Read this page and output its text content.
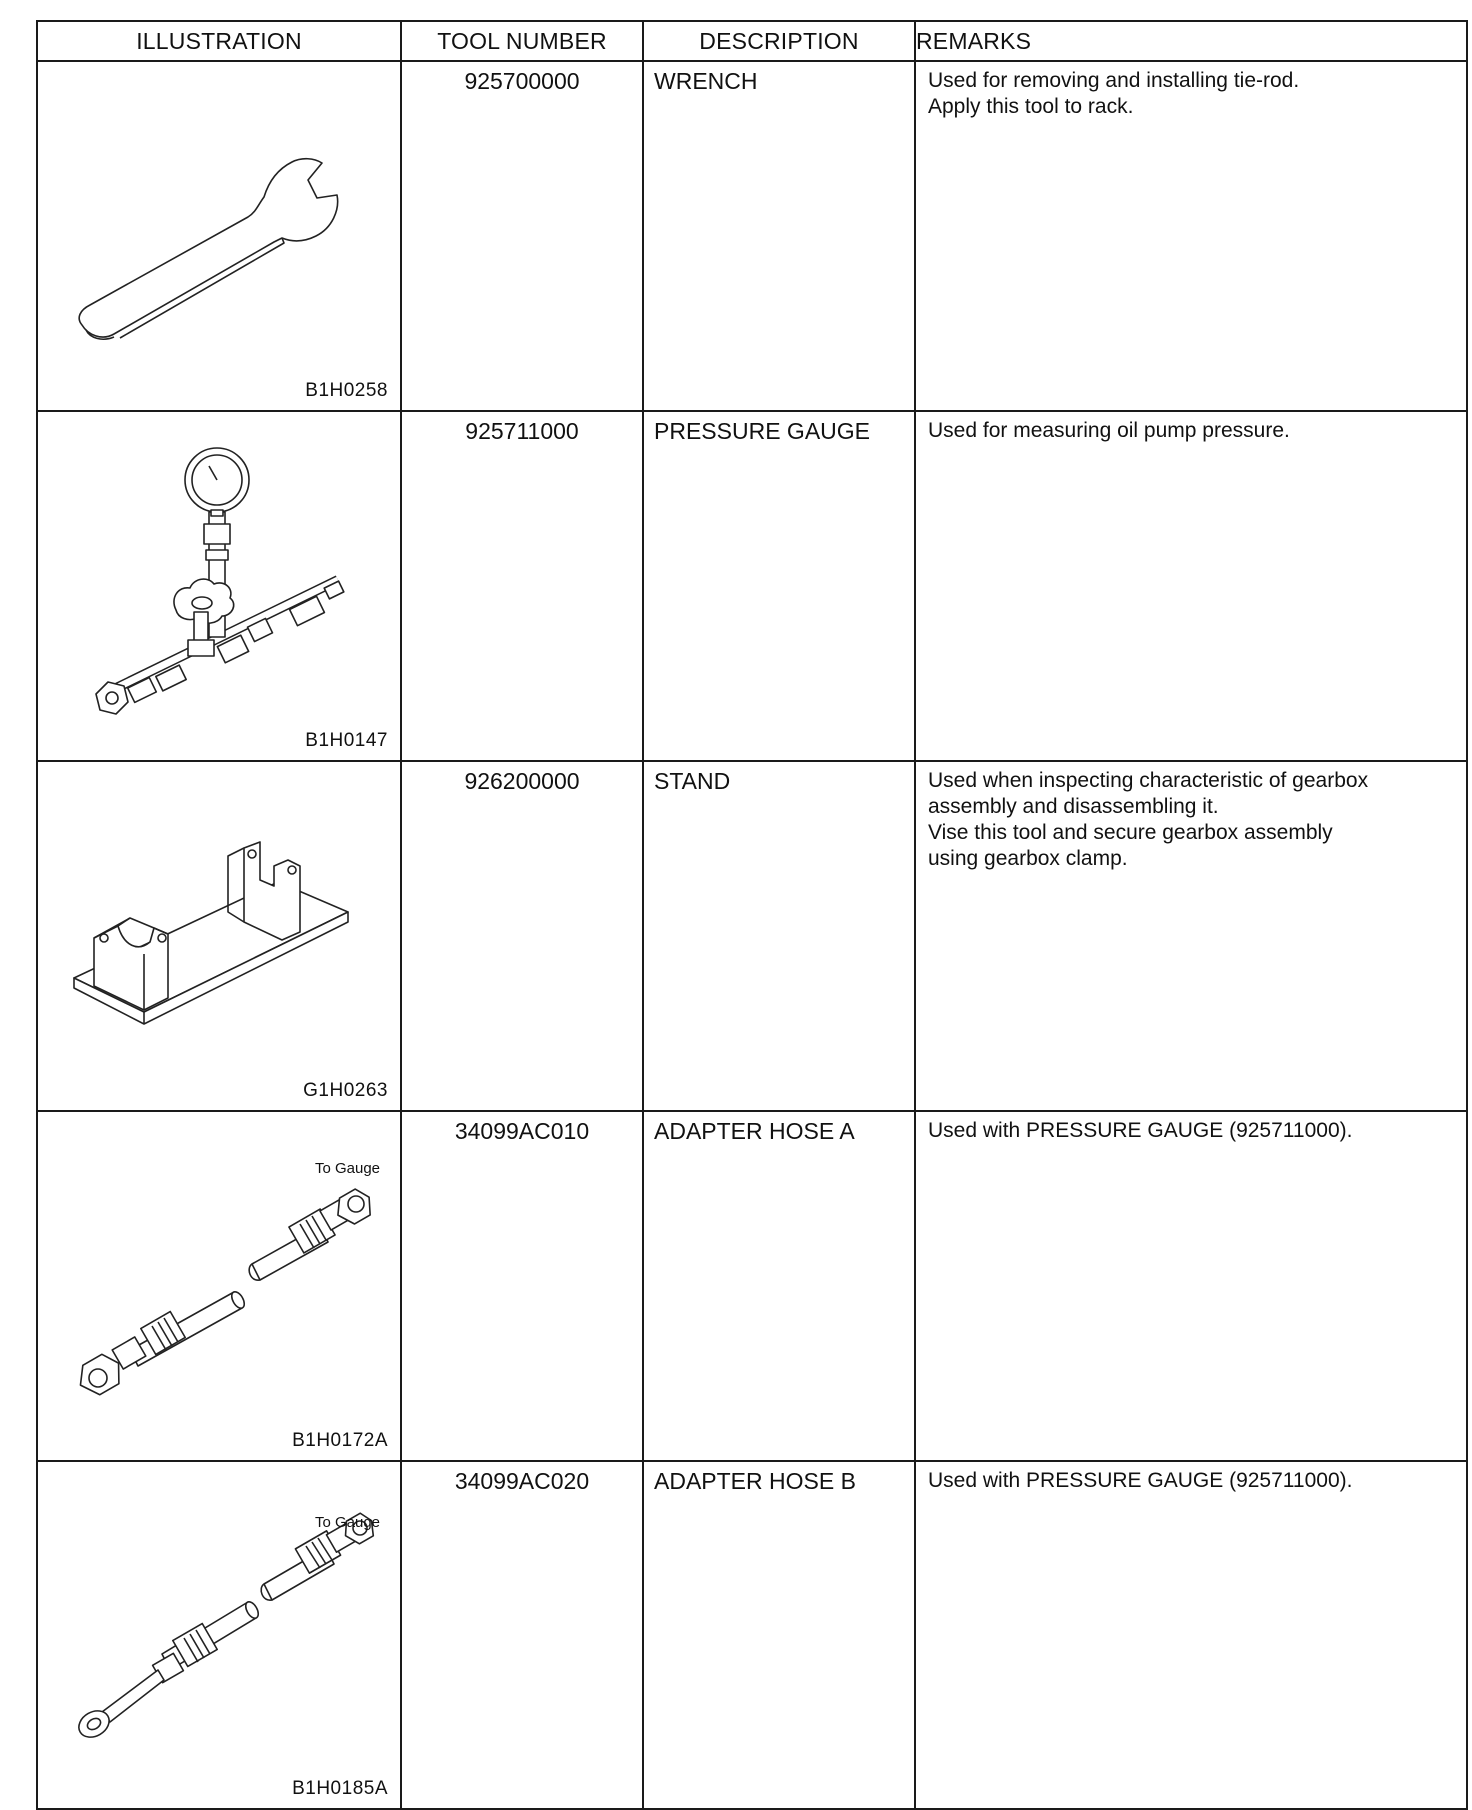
ILLUSTRATION	TOOL NUMBER	DESCRIPTION	REMARKS

B1H0258	925700000	WRENCH	Used for removing and installing tie-rod.
Apply this tool to rack.

B1H0147	925711000	PRESSURE GAUGE	Used for measuring oil pump pressure.

G1H0263	926200000	STAND	Used when inspecting characteristic of gearbox
assembly and disassembling it.
Vise this tool and secure gearbox assembly
using gearbox clamp.

To Gauge
B1H0172A	34099AC010	ADAPTER HOSE A	Used with PRESSURE GAUGE (925711000).

To Gauge
B1H0185A	34099AC020	ADAPTER HOSE B	Used with PRESSURE GAUGE (925711000).
